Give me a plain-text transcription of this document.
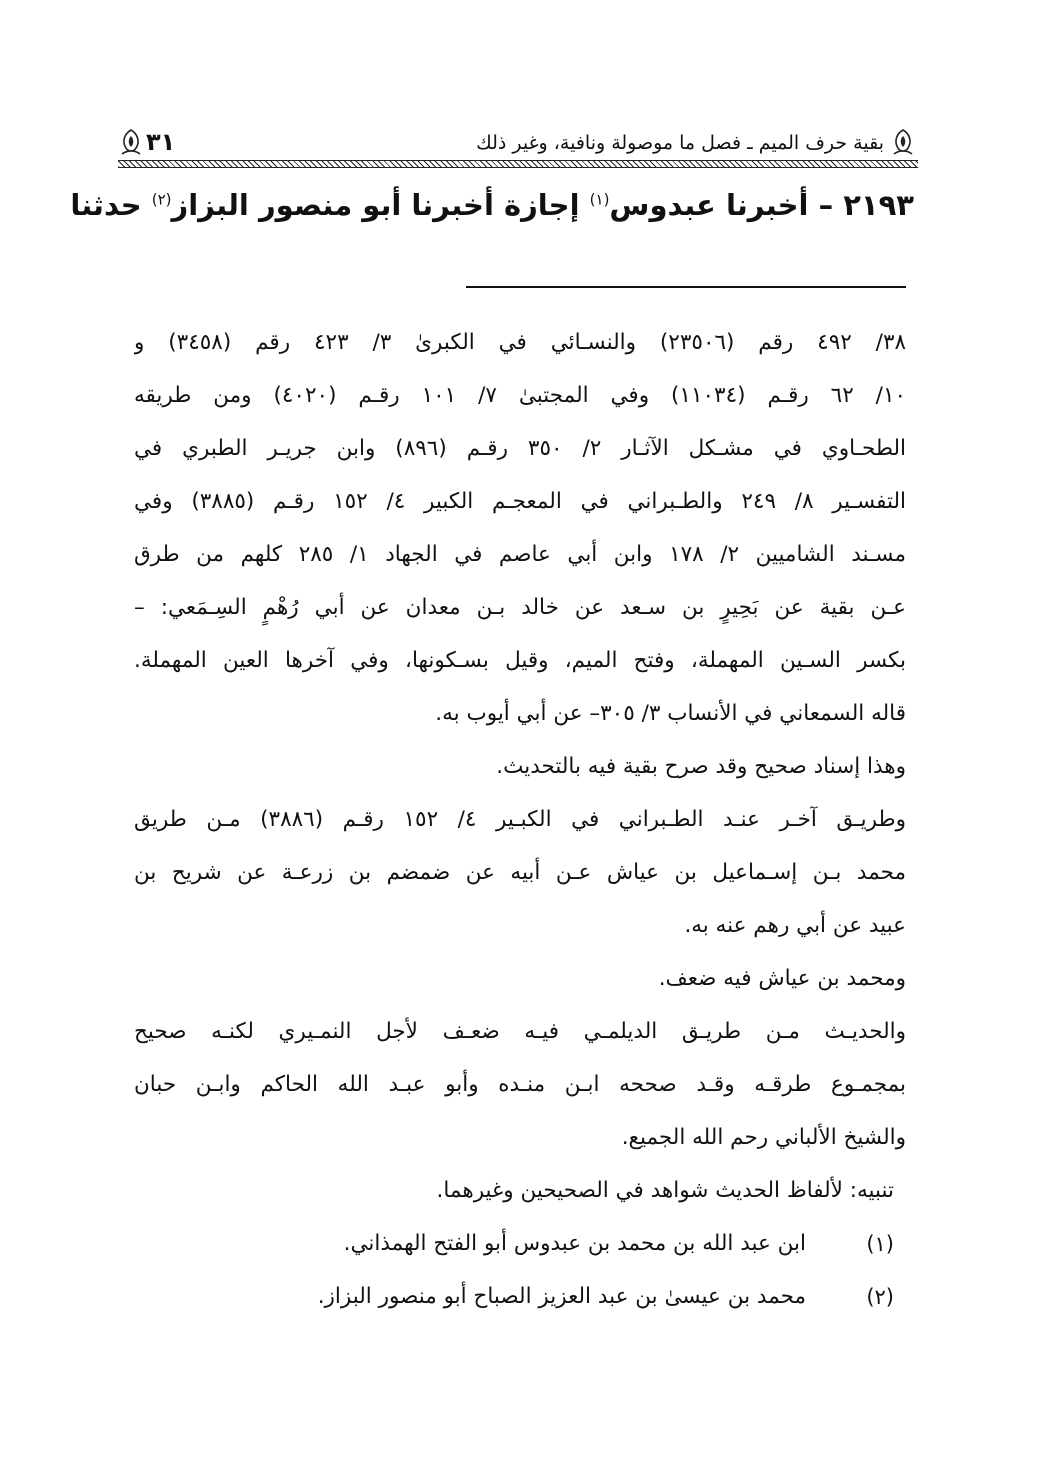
بقية حرف الميم ـ فصل ما موصولة ونافية، وغير ذلك
٣١
٢١٩٣ – أخبرنا عبدوس$^{(١)}$ إجازة أخبرنا أبو منصور البزاز$^{(٢)}$ حدثنا
٣٨/ ٤٩٢ رقم (٢٣٥٠٦) والنسـائي في الكبرىٰ ٣/ ٤٢٣ رقم (٣٤٥٨) و
١٠/ ٦٢ رقـم (١١٠٣٤) وفي المجتبىٰ ٧/ ١٠١ رقـم (٤٠٢٠) ومن طريقه
الطحـاوي في مشـكل الآثـار ٢/ ٣٥٠ رقـم (٨٩٦) وابن جريـر الطبري في
التفسـير ٨/ ٢٤٩ والطـبراني في المعجـم الكبير ٤/ ١٥٢ رقـم (٣٨٨٥) وفي
مسـند الشاميين ٢/ ١٧٨ وابن أبي عاصم في الجهاد ١/ ٢٨٥ كلهم من طرق
عـن بقية عن بَحِيرٍ بن سـعد عن خالد بـن معدان عن أبي رُهْمٍ السِـمَعي: –
بكسر السـين المهملة، وفتح الميم، وقيل بسـكونها، وفي آخرها العين المهملة.
قاله السمعاني في الأنساب ٣/ ٣٠٥– عن أبي أيوب به.
وهذا إسناد صحيح وقد صرح بقية فيه بالتحديث.
وطريـق آخـر عنـد الطـبراني في الكبـير ٤/ ١٥٢ رقـم (٣٨٨٦) مـن طريق
محمد بـن إسـماعيل بن عياش عـن أبيه عن ضمضم بن زرعـة عن شريح بن
عبيد عن أبي رهم عنه به.
ومحمد بن عياش فيه ضعف.
والحديـث مـن طريـق الديلمـي فيـه ضعـف لأجل النمـيري لكنـه صحيح
بمجمـوع طرقـه وقـد صححه ابـن منـده وأبو عبـد الله الحاكم وابـن حبان
والشيخ الألباني رحم الله الجميع.
تنبيه: لألفاظ الحديث شواهد في الصحيحين وغيرهما.
(١)
ابن عبد الله بن محمد بن عبدوس أبو الفتح الهمذاني.
(٢)
محمد بن عيسىٰ بن عبد العزيز الصباح أبو منصور البزاز.
